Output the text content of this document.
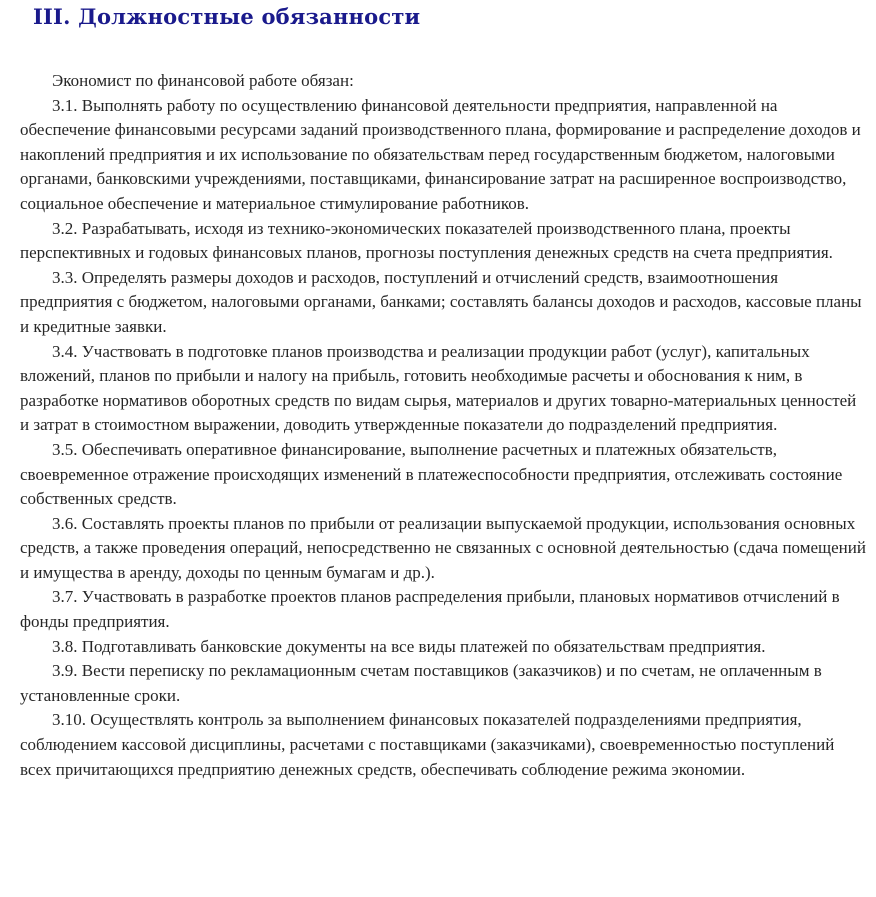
III. Должностные обязанности

Экономист по финансовой работе обязан:

3.1. Выполнять работу по осуществлению финансовой деятельности предприятия, направленной на обеспечение финансовыми ресурсами заданий производственного плана, формирование и распределение доходов и накоплений предприятия и их использование по обязательствам перед государственным бюджетом, налоговыми органами, банковскими учреждениями, поставщиками, финансирование затрат на расширенное воспроизводство, социальное обеспечение и материальное стимулирование работников.

3.2. Разрабатывать, исходя из технико-экономических показателей производственного плана, проекты перспективных и годовых финансовых планов, прогнозы поступления денежных средств на счета предприятия.

3.3. Определять размеры доходов и расходов, поступлений и отчислений средств, взаимоотношения предприятия с бюджетом, налоговыми органами, банками; составлять балансы доходов и расходов, кассовые планы и кредитные заявки.

3.4. Участвовать в подготовке планов производства и реализации продукции работ (услуг), капитальных вложений, планов по прибыли и налогу на прибыль, готовить необходимые расчеты и обоснования к ним, в разработке нормативов оборотных средств по видам сырья, материалов и других товарно-материальных ценностей и затрат в стоимостном выражении, доводить утвержденные показатели до подразделений предприятия.

3.5. Обеспечивать оперативное финансирование, выполнение расчетных и платежных обязательств, своевременное отражение происходящих изменений в платежеспособности предприятия, отслеживать состояние собственных средств.

3.6. Составлять проекты планов по прибыли от реализации выпускаемой продукции, использования основных средств, а также проведения операций, непосредственно не связанных с основной деятельностью (сдача помещений и имущества в аренду, доходы по ценным бумагам и др.).

3.7. Участвовать в разработке проектов планов распределения прибыли, плановых нормативов отчислений в фонды предприятия.

3.8. Подготавливать банковские документы на все виды платежей по обязательствам предприятия.

3.9. Вести переписку по рекламационным счетам поставщиков (заказчиков) и по счетам, не оплаченным в установленные сроки.

3.10. Осуществлять контроль за выполнением финансовых показателей подразделениями предприятия, соблюдением кассовой дисциплины, расчетами с поставщиками (заказчиками), своевременностью поступлений всех причитающихся предприятию денежных средств, обеспечивать соблюдение режима экономии.
